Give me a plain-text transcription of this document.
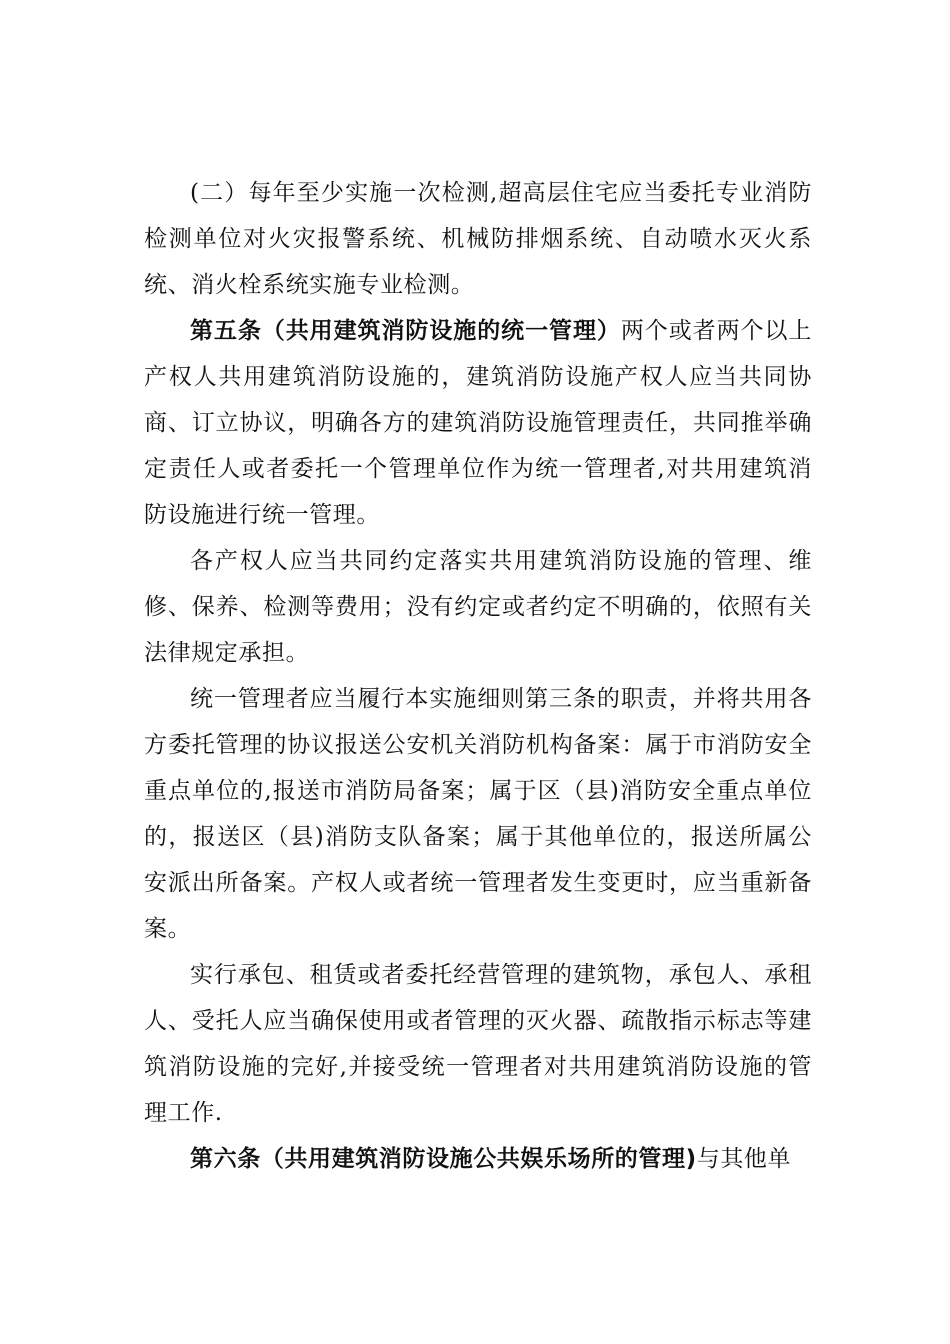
(二）每年至少实施一次检测,超高层住宅应当委托专业消防检测单位对火灾报警系统、机械防排烟系统、自动喷水灭火系统、消火栓系统实施专业检测。

第五条（共用建筑消防设施的统一管理）两个或者两个以上产权人共用建筑消防设施的，建筑消防设施产权人应当共同协商、订立协议，明确各方的建筑消防设施管理责任，共同推举确定责任人或者委托一个管理单位作为统一管理者,对共用建筑消防设施进行统一管理。

各产权人应当共同约定落实共用建筑消防设施的管理、维修、保养、检测等费用；没有约定或者约定不明确的，依照有关法律规定承担。

统一管理者应当履行本实施细则第三条的职责，并将共用各方委托管理的协议报送公安机关消防机构备案：属于市消防安全重点单位的,报送市消防局备案；属于区（县)消防安全重点单位的，报送区（县)消防支队备案；属于其他单位的，报送所属公安派出所备案。产权人或者统一管理者发生变更时，应当重新备案。

实行承包、租赁或者委托经营管理的建筑物，承包人、承租人、受托人应当确保使用或者管理的灭火器、疏散指示标志等建筑消防设施的完好,并接受统一管理者对共用建筑消防设施的管理工作.

第六条（共用建筑消防设施公共娱乐场所的管理)与其他单
